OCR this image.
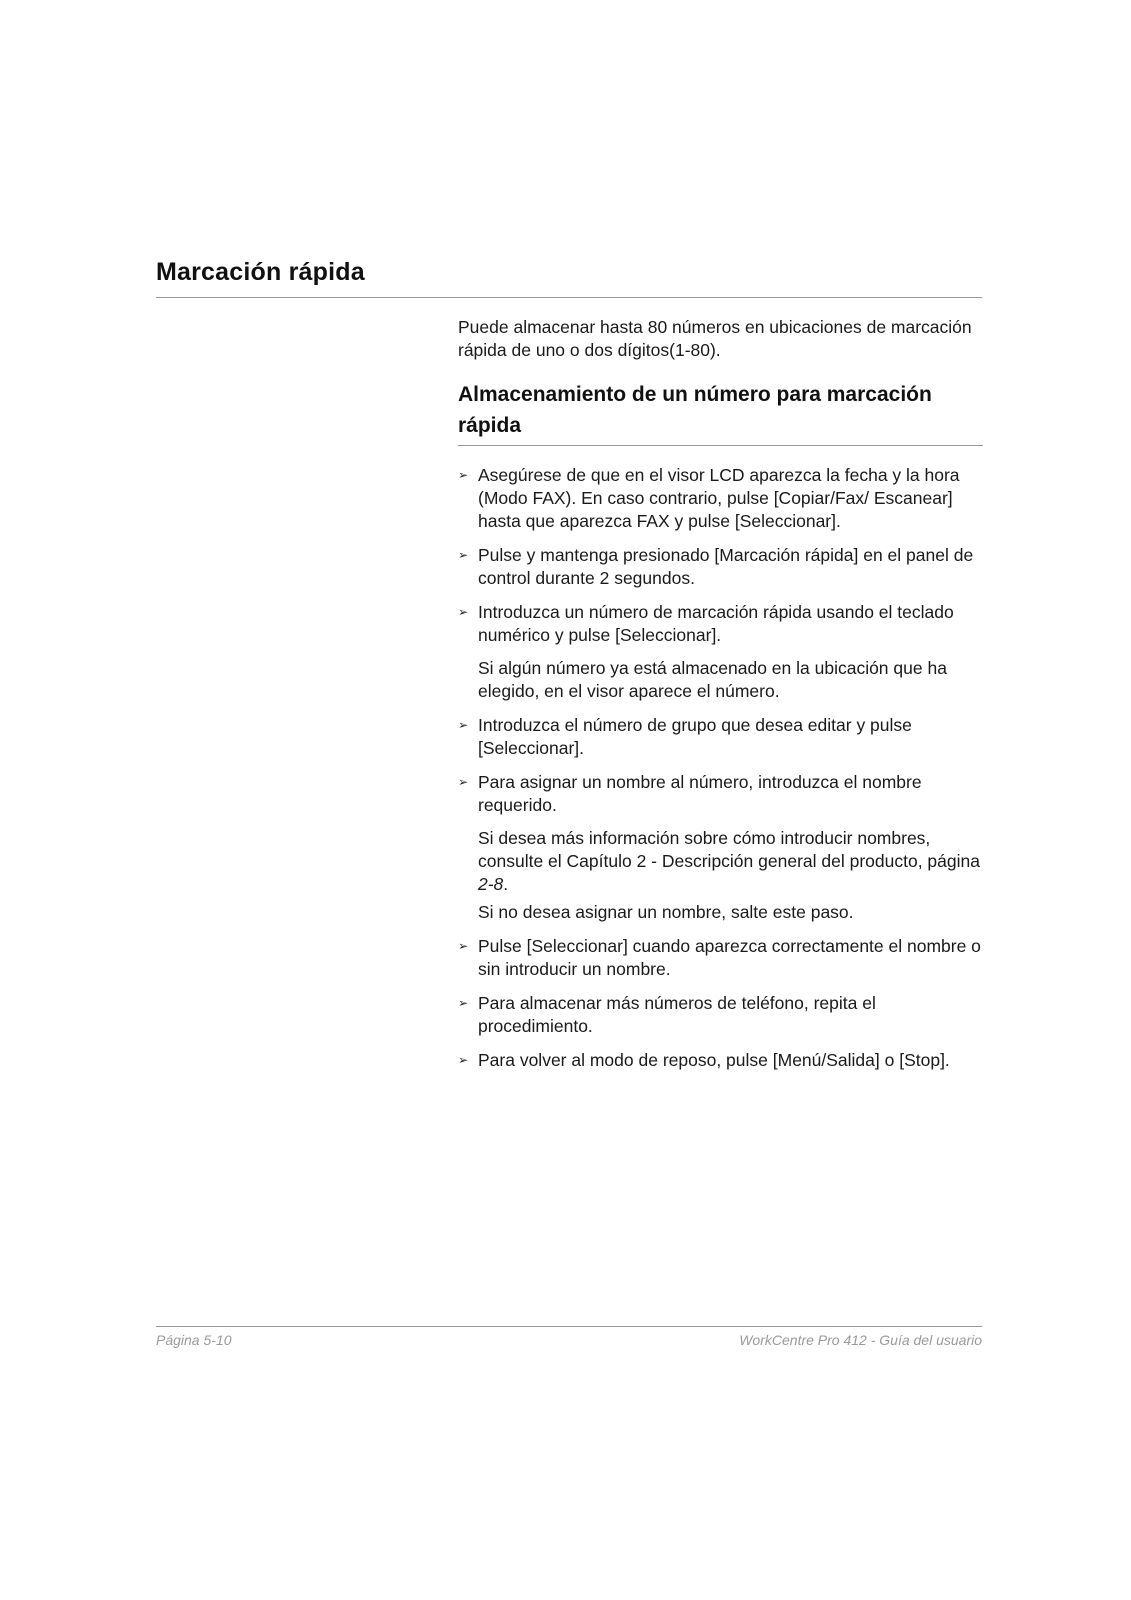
Marcación rápida

Puede almacenar hasta 80 números en ubicaciones de marcación rápida de uno o dos dígitos(1-80).

Almacenamiento de un número para marcación rápida
➢ Asegúrese de que en el visor LCD aparezca la fecha y la hora (Modo FAX). En caso contrario, pulse [Copiar/Fax/ Escanear] hasta que aparezca FAX y pulse [Seleccionar].

➢ Pulse y mantenga presionado [Marcación rápida] en el panel de control durante 2 segundos.

➢ Introduzca un número de marcación rápida usando el teclado numérico y pulse [Seleccionar].

Si algún número ya está almacenado en la ubicación que ha elegido, en el visor aparece el número.

➢ Introduzca el número de grupo que desea editar y pulse [Seleccionar].

➢ Para asignar un nombre al número, introduzca el nombre requerido.

Si desea más información sobre cómo introducir nombres, consulte el Capítulo 2 - Descripción general del producto, página 2-8.

Si no desea asignar un nombre, salte este paso.

➢ Pulse [Seleccionar] cuando aparezca correctamente el nombre o sin introducir un nombre.

➢ Para almacenar más números de teléfono, repita el procedimiento.

➢ Para volver al modo de reposo, pulse [Menú/Salida] o [Stop].

Página 5-10	WorkCentre Pro 412 - Guía del usuario
